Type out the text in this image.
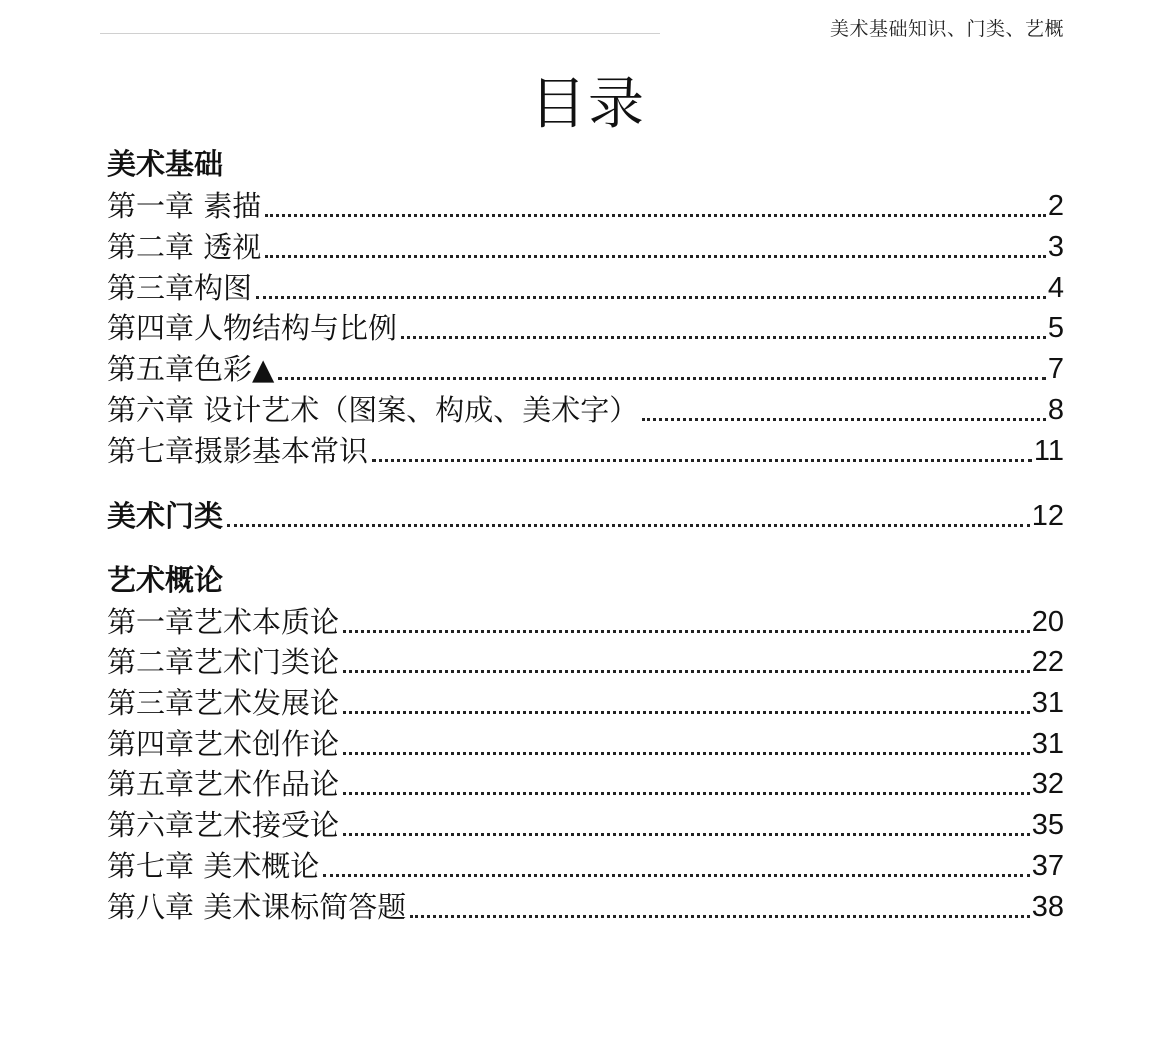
美术基础知识、门类、艺概
目录
美术基础
第一章 素描	2
第二章 透视	3
第三章构图	4
第四章人物结构与比例	5
第五章色彩▲	7
第六章 设计艺术（图案、构成、美术字）	8
第七章摄影基本常识	11
美术门类	12
艺术概论
第一章艺术本质论	20
第二章艺术门类论	22
第三章艺术发展论	31
第四章艺术创作论	31
第五章艺术作品论	32
第六章艺术接受论	35
第七章 美术概论	37
第八章 美术课标简答题	38
